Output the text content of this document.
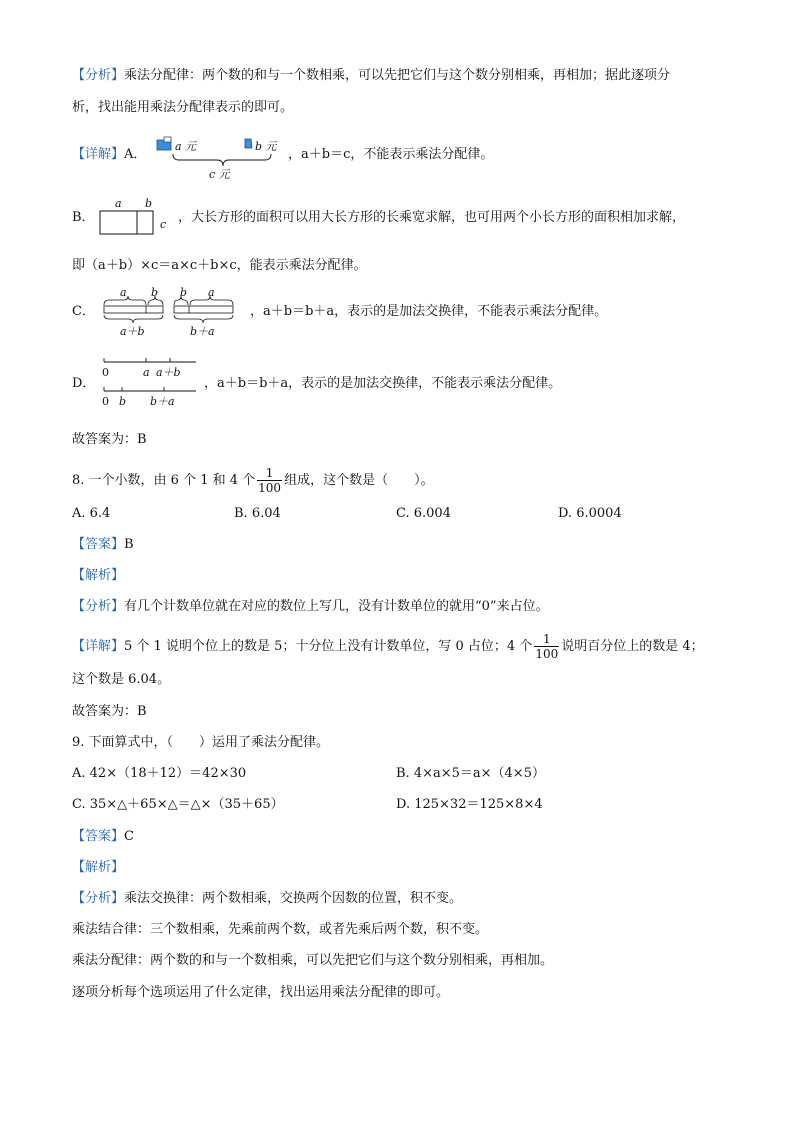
【分析】乘法分配律：两个数的和与一个数相乘，可以先把它们与这个数分别相乘，再相加；据此逐项分
析，找出能用乘法分配律表示的即可。
【详解】A．
a 元	b 元
c 元
，a＋b＝c，不能表示乘法分配律。
B．
a b
c ，大长方形的面积可以用大长方形的长乘宽求解，也可用两个小长方形的面积相加求解，
即（a＋b）×c＝a×c＋b×c，能表示乘法分配律。
C．
a b
a＋b
b a
b＋a
，a＋b＝b＋a，表示的是加法交换律，不能表示乘法分配律。
D．
0	a a＋b
0 b b＋a
，a＋b＝b＋a，表示的是加法交换律，不能表示乘法分配律。
故答案为：B
8. 一个小数，由 6 个 1 和 4 个 $\frac{1}{100}$ 组成，这个数是（　　）。
A. 6.4	B. 6.04	C. 6.004	D. 6.0004
【答案】B
【解析】
【分析】有几个计数单位就在对应的数位上写几，没有计数单位的就用“0”来占位。
【详解】5 个 1 说明个位上的数是 5；十分位上没有计数单位，写 0 占位；4 个 $\frac{1}{100}$ 说明百分位上的数是 4；
这个数是 6.04。
故答案为：B
9. 下面算式中，（　　）运用了乘法分配律。
A. 42×（18＋12）＝42×30	B. 4×a×5＝a×（4×5）
C. 35×△＋65×△＝△×（35＋65）	D. 125×32＝125×8×4
【答案】C
【解析】
【分析】乘法交换律：两个数相乘，交换两个因数的位置，积不变。
乘法结合律：三个数相乘，先乘前两个数，或者先乘后两个数，积不变。
乘法分配律：两个数的和与一个数相乘，可以先把它们与这个数分别相乘，再相加。
逐项分析每个选项运用了什么定律，找出运用乘法分配律的即可。
